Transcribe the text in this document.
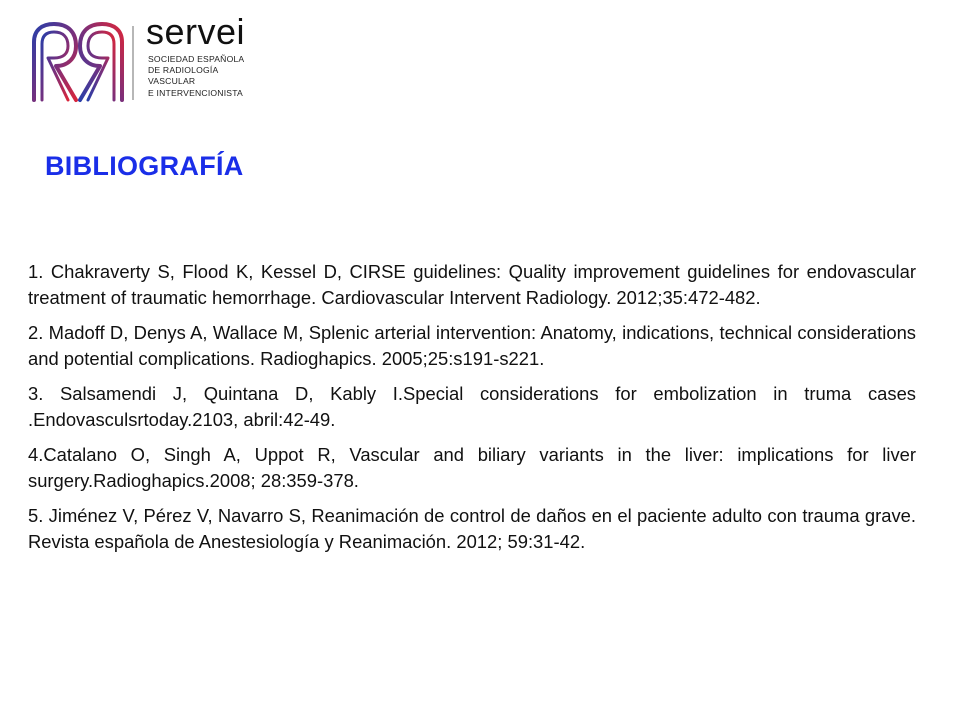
servei
SOCIEDAD ESPAÑOLA
DE RADIOLOGÍA
VASCULAR
E INTERVENCIONISTA
BIBLIOGRAFÍA
1. Chakraverty S, Flood K, Kessel D, CIRSE guidelines: Quality improvement guidelines for endovascular treatment of traumatic hemorrhage. Cardiovascular Intervent Radiology. 2012;35:472-482.
2. Madoff D, Denys A, Wallace M, Splenic arterial intervention: Anatomy, indications, technical considerations and potential complications. Radioghapics. 2005;25:s191-s221.
3. Salsamendi J, Quintana D, Kably I.Special considerations for embolization in truma cases .Endovasculsrtoday.2103, abril:42-49.
4.Catalano O, Singh A, Uppot R, Vascular and biliary variants in the liver: implications for liver surgery.Radioghapics.2008; 28:359-378.
5. Jiménez V, Pérez V, Navarro S, Reanimación de control de daños en el paciente adulto con trauma grave. Revista española de Anestesiología y Reanimación. 2012; 59:31-42.
